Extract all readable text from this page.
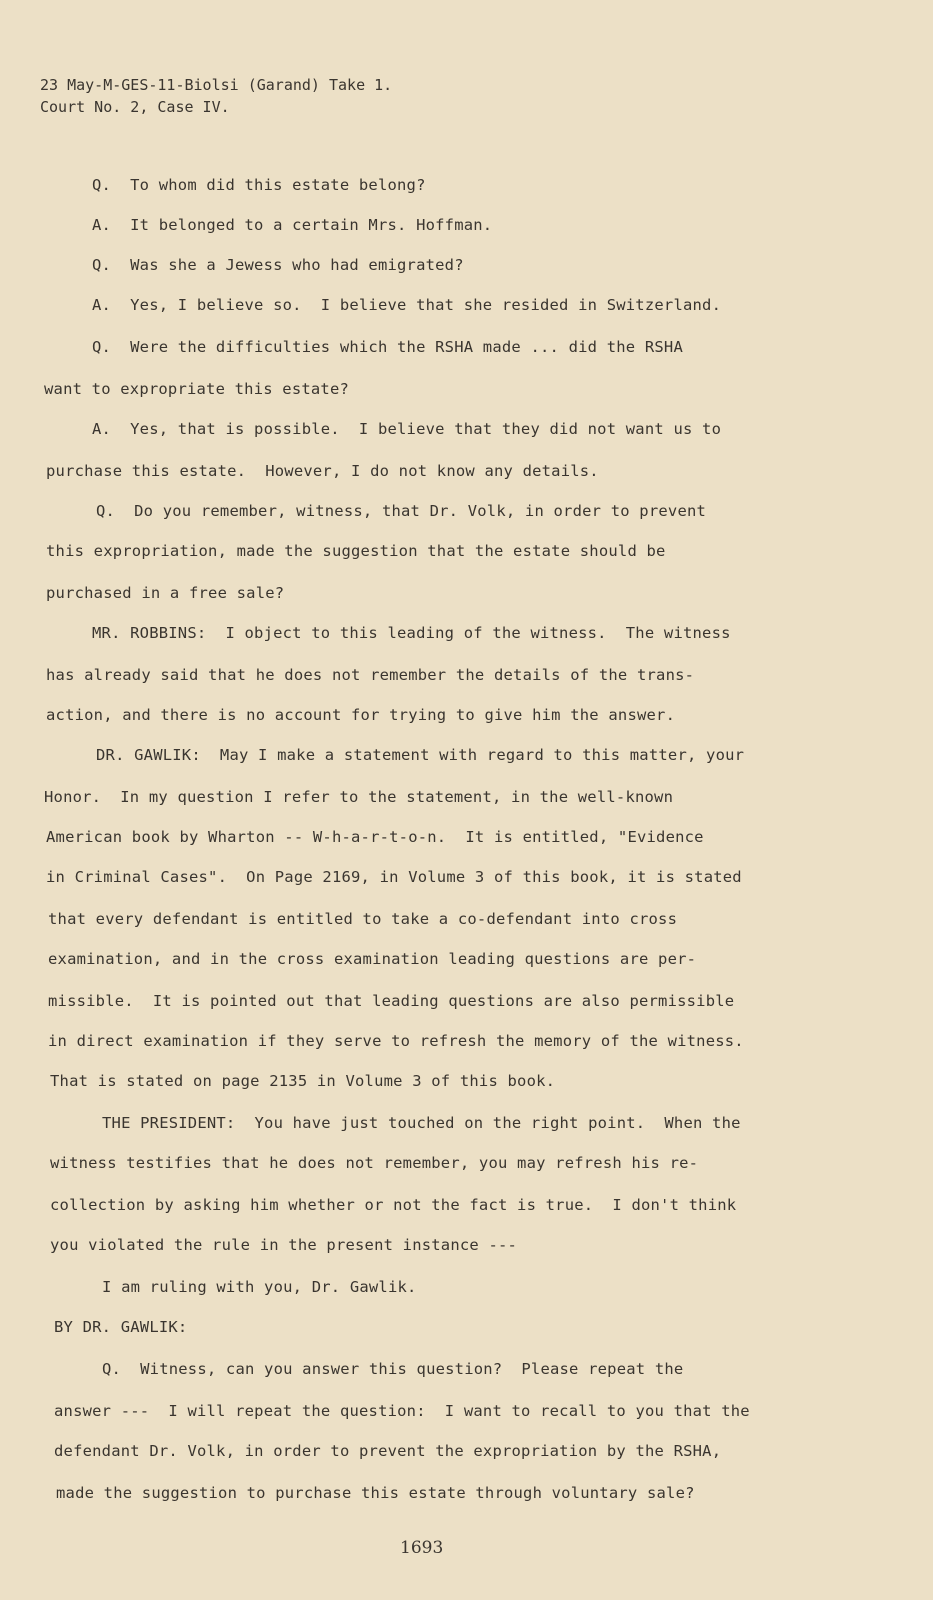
23 May-M-GES-11-Biolsi (Garand) Take 1.
Court No. 2, Case IV.
Q.  To whom did this estate belong?
A.  It belonged to a certain Mrs. Hoffman.
Q.  Was she a Jewess who had emigrated?
A.  Yes, I believe so.  I believe that she resided in Switzerland.
Q.  Were the difficulties which the RSHA made ... did the RSHA
want to expropriate this estate?
A.  Yes, that is possible.  I believe that they did not want us to
purchase this estate.  However, I do not know any details.
Q.  Do you remember, witness, that Dr. Volk, in order to prevent
this expropriation, made the suggestion that the estate should be
purchased in a free sale?
MR. ROBBINS:  I object to this leading of the witness.  The witness
has already said that he does not remember the details of the trans-
action, and there is no account for trying to give him the answer.
DR. GAWLIK:  May I make a statement with regard to this matter, your
Honor.  In my question I refer to the statement, in the well-known
American book by Wharton -- W-h-a-r-t-o-n.  It is entitled, "Evidence
in Criminal Cases".  On Page 2169, in Volume 3 of this book, it is stated
that every defendant is entitled to take a co-defendant into cross
examination, and in the cross examination leading questions are per-
missible.  It is pointed out that leading questions are also permissible
in direct examination if they serve to refresh the memory of the witness.
That is stated on page 2135 in Volume 3 of this book.
THE PRESIDENT:  You have just touched on the right point.  When the
witness testifies that he does not remember, you may refresh his re-
collection by asking him whether or not the fact is true.  I don't think
you violated the rule in the present instance ---
I am ruling with you, Dr. Gawlik.
BY DR. GAWLIK:
Q.  Witness, can you answer this question?  Please repeat the
answer ---  I will repeat the question:  I want to recall to you that the
defendant Dr. Volk, in order to prevent the expropriation by the RSHA,
made the suggestion to purchase this estate through voluntary sale?
1693
